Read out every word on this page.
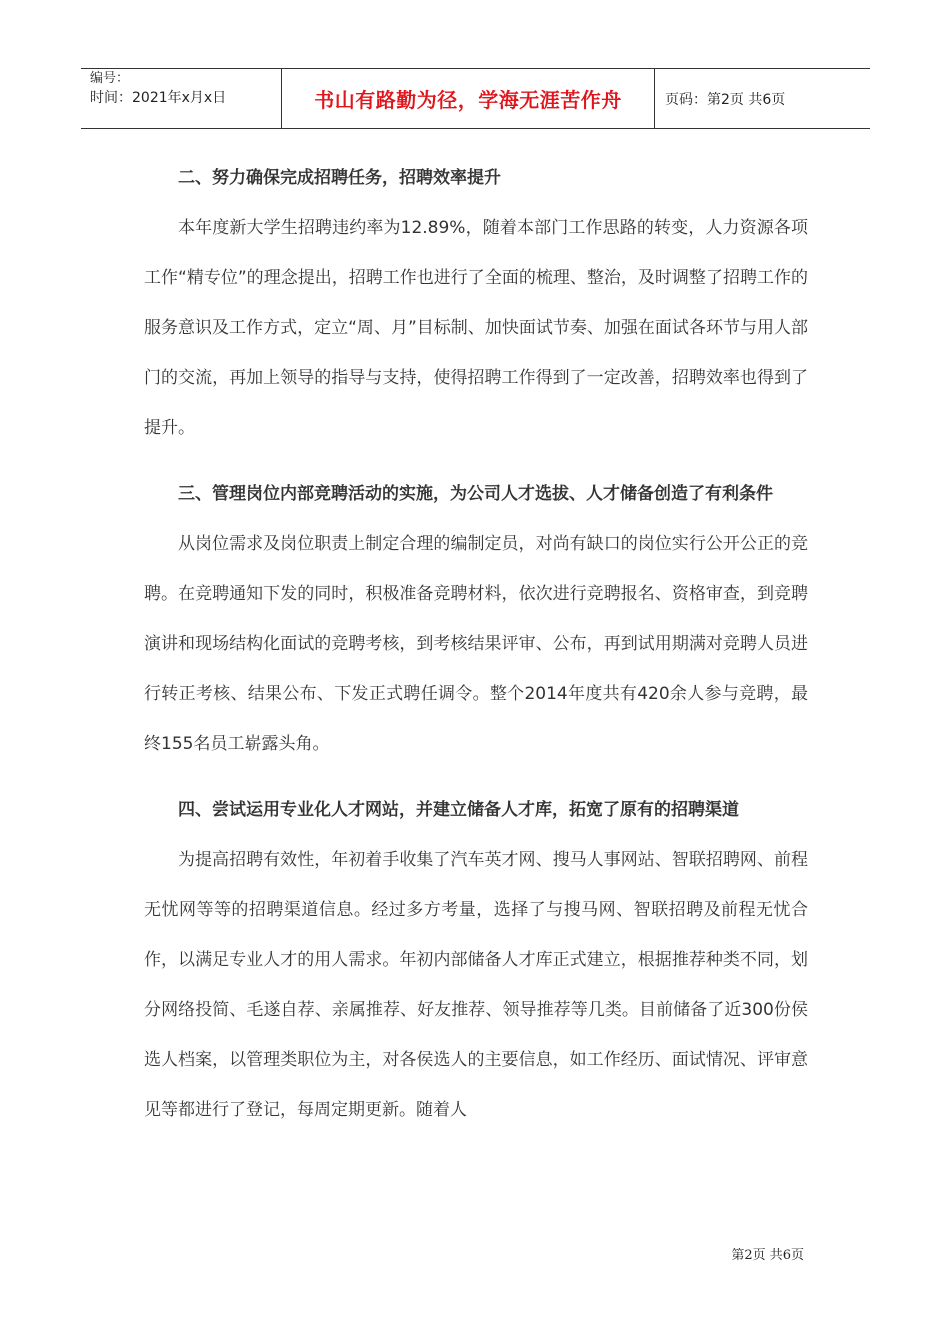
编号：
时间：2021年x月x日	书山有路勤为径，学海无涯苦作舟	页码：第2页 共6页

二、努力确保完成招聘任务，招聘效率提升

本年度新大学生招聘违约率为12.89%，随着本部门工作思路的转变，人力资源各项工作“精专位”的理念提出，招聘工作也进行了全面的梳理、整治，及时调整了招聘工作的服务意识及工作方式，定立“周、月”目标制、加快面试节奏、加强在面试各环节与用人部门的交流，再加上领导的指导与支持，使得招聘工作得到了一定改善，招聘效率也得到了提升。

三、管理岗位内部竞聘活动的实施，为公司人才选拔、人才储备创造了有利条件

从岗位需求及岗位职责上制定合理的编制定员，对尚有缺口的岗位实行公开公正的竞聘。在竞聘通知下发的同时，积极准备竞聘材料，依次进行竞聘报名、资格审查，到竞聘演讲和现场结构化面试的竞聘考核，到考核结果评审、公布，再到试用期满对竞聘人员进行转正考核、结果公布、下发正式聘任调令。整个2014年度共有420余人参与竞聘，最终155名员工崭露头角。

四、尝试运用专业化人才网站，并建立储备人才库，拓宽了原有的招聘渠道

为提高招聘有效性，年初着手收集了汽车英才网、搜马人事网站、智联招聘网、前程无忧网等等的招聘渠道信息。经过多方考量，选择了与搜马网、智联招聘及前程无忧合作，以满足专业人才的用人需求。年初内部储备人才库正式建立，根据推荐种类不同，划分网络投简、毛遂自荐、亲属推荐、好友推荐、领导推荐等几类。目前储备了近300份侯选人档案，以管理类职位为主，对各侯选人的主要信息，如工作经历、面试情况、评审意见等都进行了登记，每周定期更新。随着人

第2页 共6页
